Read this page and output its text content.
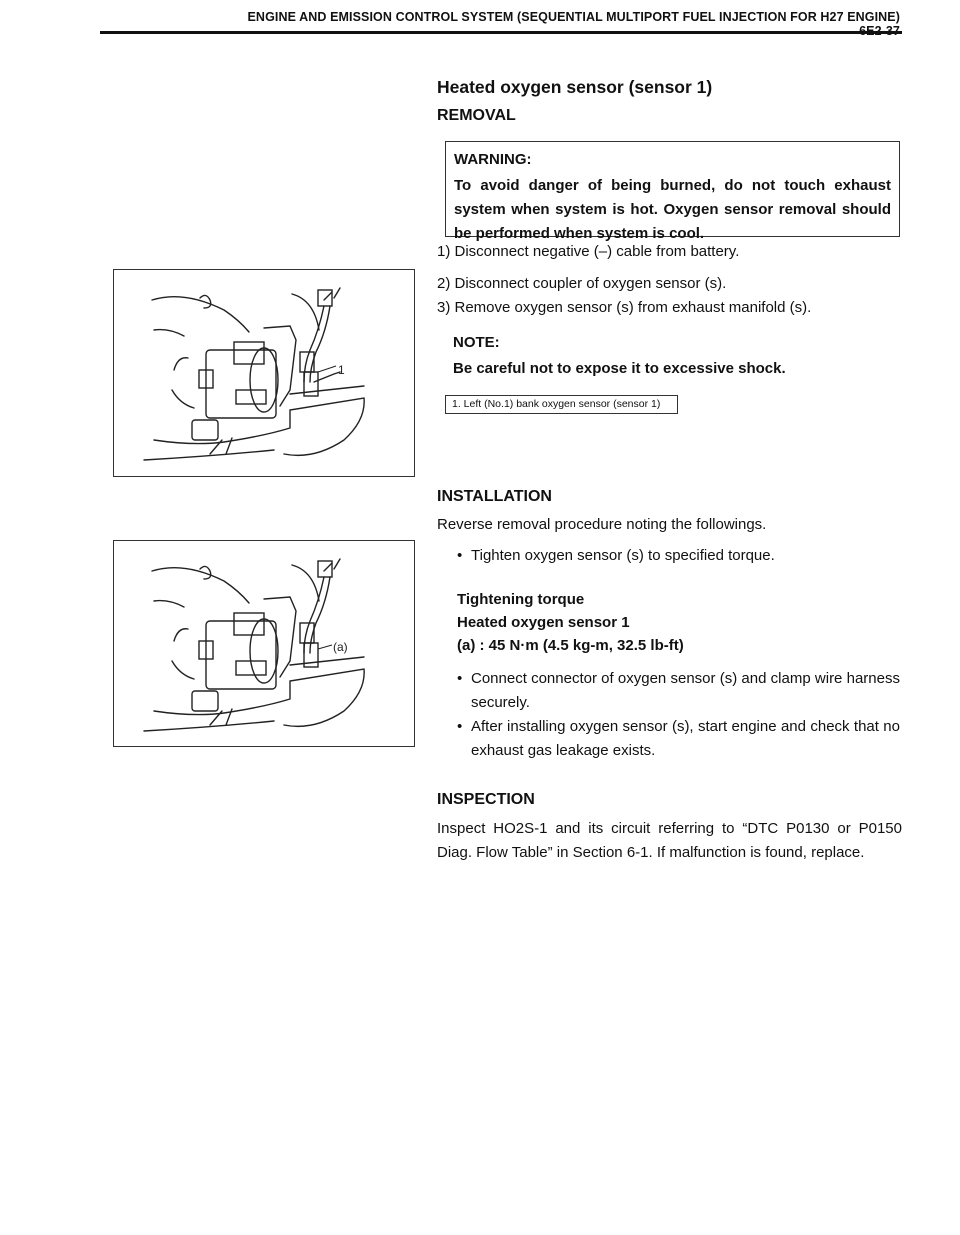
ENGINE AND EMISSION CONTROL SYSTEM (SEQUENTIAL MULTIPORT FUEL INJECTION FOR H27 ENGINE)
Heated oxygen sensor (sensor 1)
REMOVAL
WARNING:
To avoid danger of being burned, do not touch exhaust system when system is hot. Oxygen sensor removal should be performed when system is cool.
1) Disconnect negative (–) cable from battery.
2) Disconnect coupler of oxygen sensor (s).
3) Remove oxygen sensor (s) from exhaust manifold (s).
NOTE:
Be careful not to expose it to excessive shock.
1. Left (No.1) bank oxygen sensor (sensor 1)
1
INSTALLATION
Reverse removal procedure noting the followings.
• Tighten oxygen sensor (s) to specified torque.
Tightening torque
Heated oxygen sensor 1
(a) : 45 N·m (4.5 kg-m, 32.5 lb-ft)
• Connect connector of oxygen sensor (s) and clamp wire harness securely.
• After installing oxygen sensor (s), start engine and check that no exhaust gas leakage exists.
(a)
INSPECTION
Inspect HO2S-1 and its circuit referring to “DTC P0130 or P0150 Diag. Flow Table” in Section 6-1. If malfunction is found, replace.
